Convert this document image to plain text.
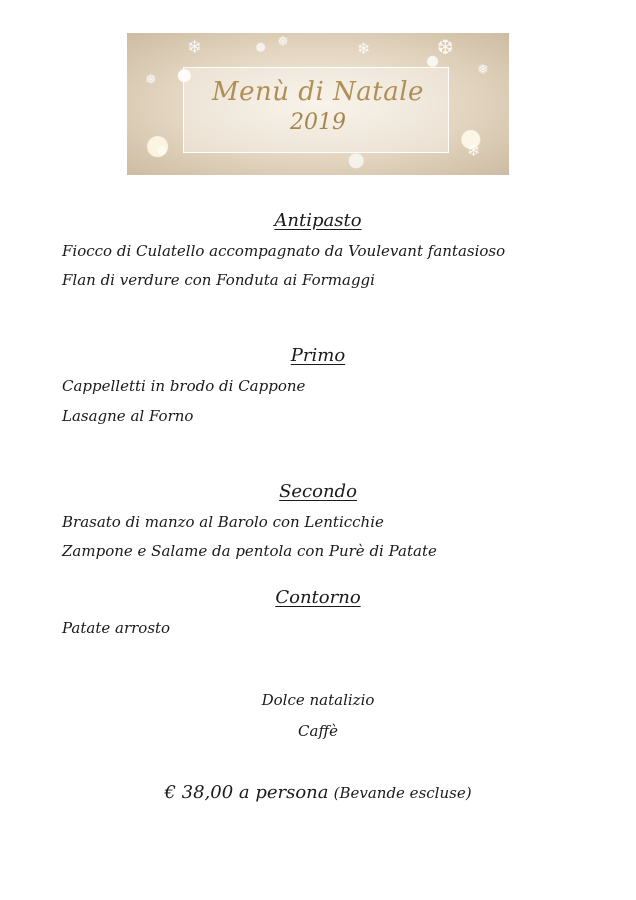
❄	❅	❄	❆
❅
❅
❄
❆
Menù di Natale
2019
Antipasto
Fiocco di Culatello accompagnato da Voulevant fantasioso
Flan di verdure con Fonduta ai Formaggi
Primo
Cappelletti in brodo di Cappone
Lasagne al Forno
Secondo
Brasato di manzo al Barolo con Lenticchie
Zampone e Salame da pentola con Purè di Patate
Contorno
Patate arrosto
Dolce natalizio
Caffè
€ 38,00 a persona (Bevande escluse)
